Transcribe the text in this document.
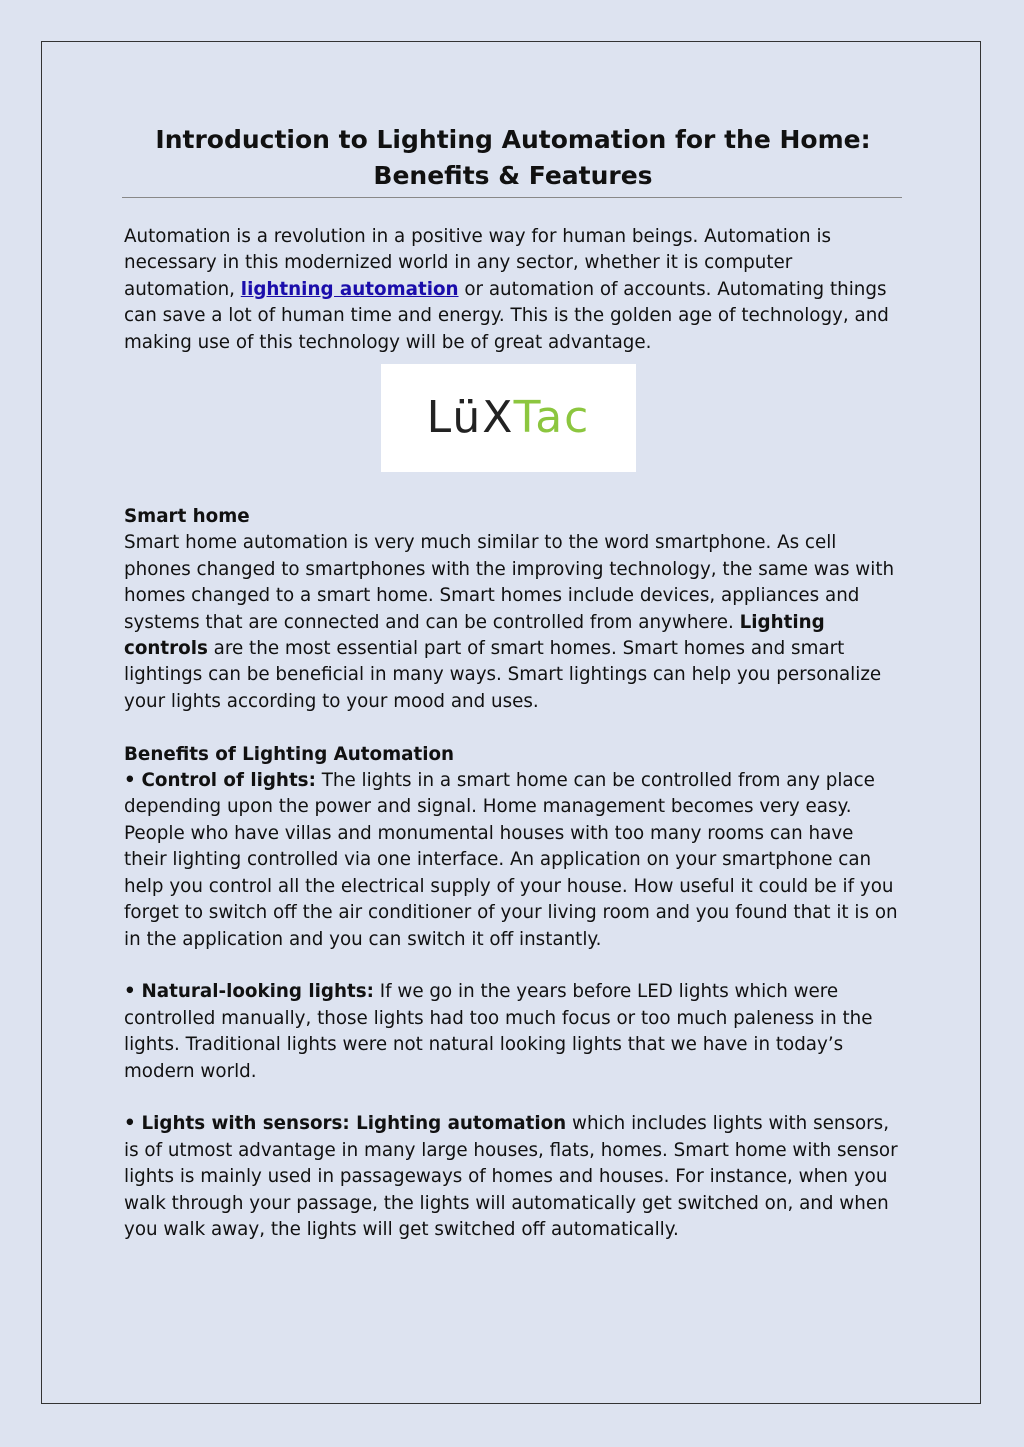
Introduction to Lighting Automation for the Home:
Benefits & Features

Automation is a revolution in a positive way for human beings. Automation is necessary in this modernized world in any sector, whether it is computer automation, lightning automation or automation of accounts. Automating things can save a lot of human time and energy. This is the golden age of technology, and making use of this technology will be of great advantage.

LüXTac

Smart home

Smart home automation is very much similar to the word smartphone. As cell phones changed to smartphones with the improving technology, the same was with homes changed to a smart home. Smart homes include devices, appliances and systems that are connected and can be controlled from anywhere. Lighting controls are the most essential part of smart homes. Smart homes and smart lightings can be beneficial in many ways. Smart lightings can help you personalize your lights according to your mood and uses.

Benefits of Lighting Automation

• Control of lights: The lights in a smart home can be controlled from any place depending upon the power and signal. Home management becomes very easy. People who have villas and monumental houses with too many rooms can have their lighting controlled via one interface. An application on your smartphone can help you control all the electrical supply of your house. How useful it could be if you forget to switch off the air conditioner of your living room and you found that it is on in the application and you can switch it off instantly.

• Natural-looking lights: If we go in the years before LED lights which were controlled manually, those lights had too much focus or too much paleness in the lights. Traditional lights were not natural looking lights that we have in today’s modern world.

• Lights with sensors: Lighting automation which includes lights with sensors, is of utmost advantage in many large houses, flats, homes. Smart home with sensor lights is mainly used in passageways of homes and houses. For instance, when you walk through your passage, the lights will automatically get switched on, and when you walk away, the lights will get switched off automatically.
